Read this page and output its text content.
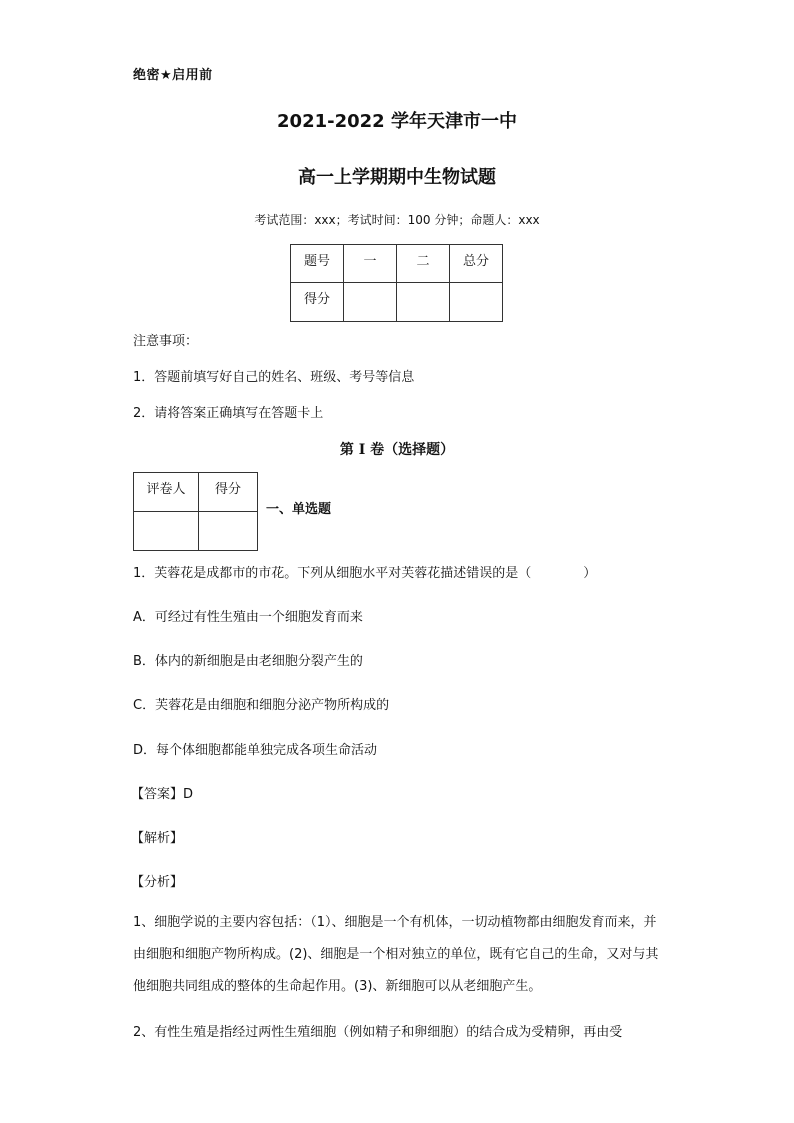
绝密★启用前
2021-2022 学年天津市一中
高一上学期期中生物试题
考试范围：xxx；考试时间：100 分钟；命题人：xxx
题号	一	二	总分
得分			
注意事项：
1．答题前填写好自己的姓名、班级、考号等信息
2．请将答案正确填写在答题卡上
第 I 卷（选择题）
评卷人	得分

一、单选题
1．芙蓉花是成都市的市花。下列从细胞水平对芙蓉花描述错误的是（　　　　）
A．可经过有性生殖由一个细胞发育而来
B．体内的新细胞是由老细胞分裂产生的
C．芙蓉花是由细胞和细胞分泌产物所构成的
D．每个体细胞都能单独完成各项生命活动
【答案】D
【解析】
【分析】
1、细胞学说的主要内容包括：（1）、细胞是一个有机体，一切动植物都由细胞发育而来，并由细胞和细胞产物所构成。(2)、细胞是一个相对独立的单位，既有它自己的生命，又对与其他细胞共同组成的整体的生命起作用。(3)、新细胞可以从老细胞产生。
2、有性生殖是指经过两性生殖细胞（例如精子和卵细胞）的结合成为受精卵，再由受
